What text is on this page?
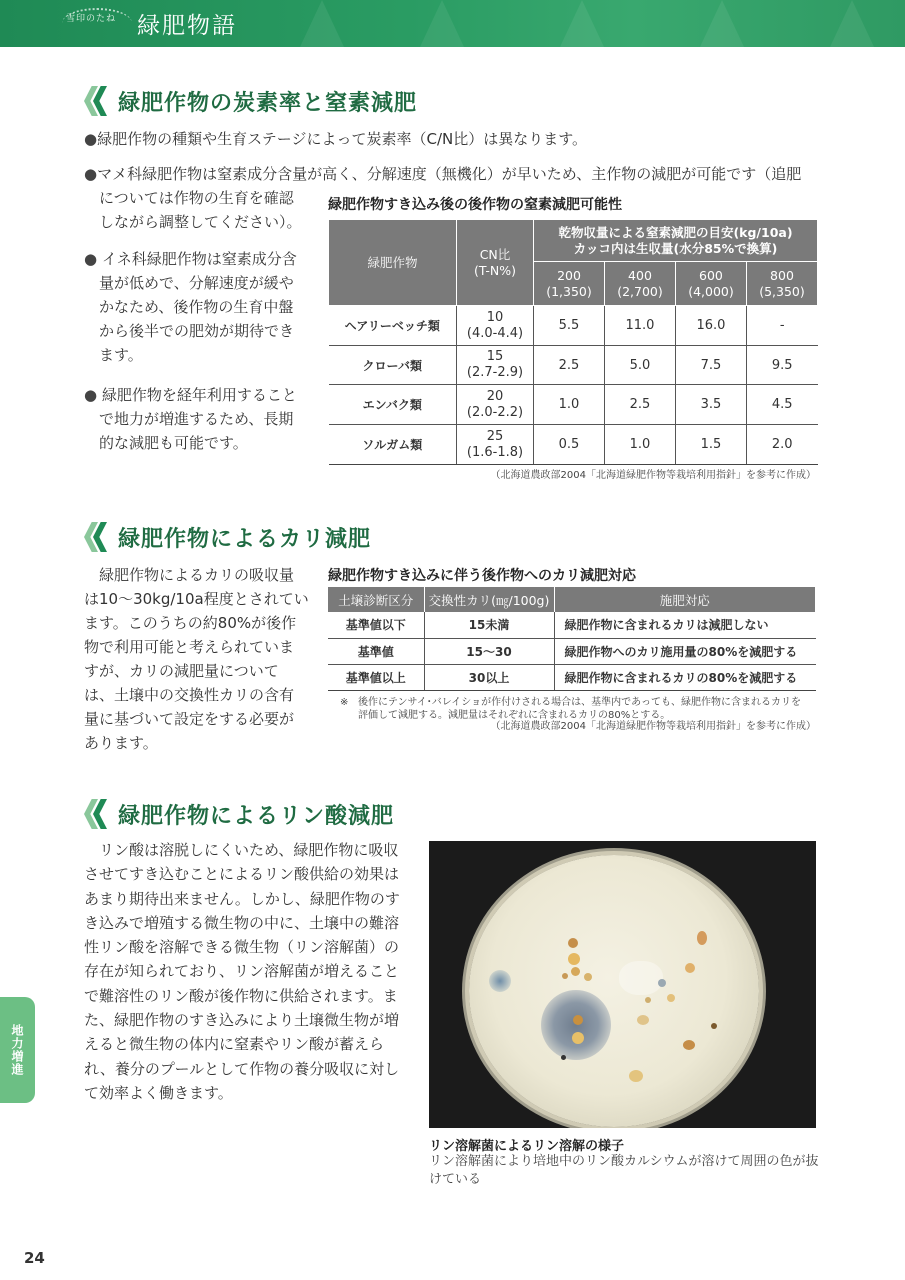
雪印のたね 緑肥物語
緑肥作物の炭素率と窒素減肥
● 緑肥作物の種類や生育ステージによって炭素率（C/N比）は異なります。
● マメ科緑肥作物は窒素成分含量が高く、分解速度（無機化）が早いため、主作物の減肥が可能です（追肥
については作物の生育を確認
しながら調整してください）。
● イネ科緑肥作物は窒素成分含
量が低めで、分解速度が緩や
かなため、後作物の生育中盤
から後半での肥効が期待でき
ます。
● 緑肥作物を経年利用すること
で地力が増進するため、長期
的な減肥も可能です。
緑肥作物すき込み後の後作物の窒素減肥可能性
緑肥作物	CN比
(T-N%)	乾物収量による窒素減肥の目安(kg/10a)
カッコ内は生収量(水分85%で換算)			
		200
(1,350)	400
(2,700)	600
(4,000)	800
(5,350)
ヘアリーベッチ類	10
(4.0-4.4)	5.5	11.0	16.0	-
クローバ類	15
(2.7-2.9)	2.5	5.0	7.5	9.5
エンバク類	20
(2.0-2.2)	1.0	2.5	3.5	4.5
ソルガム類	25
(1.6-1.8)	0.5	1.0	1.5	2.0
（北海道農政部2004「北海道緑肥作物等栽培利用指針」を参考に作成）
緑肥作物によるカリ減肥
　緑肥作物によるカリの吸収量
は10～30kg/10a程度とされてい
ます。このうちの約80%が後作
物で利用可能と考えられていま
すが、カリの減肥量について
は、土壌中の交換性カリの含有
量に基づいて設定をする必要が
あります。
緑肥作物すき込みに伴う後作物へのカリ減肥対応
土壌診断区分	交換性カリ(㎎/100g)	施肥対応
基準値以下	15未満	緑肥作物に含まれるカリは減肥しない
基準値	15～30	緑肥作物へのカリ施用量の80%を減肥する
基準値以上	30以上	緑肥作物に含まれるカリの80%を減肥する
※ 後作にテンサイ･バレイショが作付けされる場合は、基準内であっても、緑肥作物に含まれるカリを
評価して減肥する。減肥量はそれぞれに含まれるカリの80%とする。
（北海道農政部2004「北海道緑肥作物等栽培利用指針」を参考に作成）
緑肥作物によるリン酸減肥
　リン酸は溶脱しにくいため、緑肥作物に吸収
させてすき込むことによるリン酸供給の効果は
あまり期待出来ません。しかし、緑肥作物のす
き込みで増殖する微生物の中に、土壌中の難溶
性リン酸を溶解できる微生物（リン溶解菌）の
存在が知られており、リン溶解菌が増えること
で難溶性のリン酸が後作物に供給されます。ま
た、緑肥作物のすき込みにより土壌微生物が増
えると微生物の体内に窒素やリン酸が蓄えら
れ、養分のプールとして作物の養分吸収に対し
て効率よく働きます。
リン溶解菌によるリン溶解の様子
リン溶解菌により培地中のリン酸カルシウムが溶けて周囲の色が抜けている
地力増進
24
